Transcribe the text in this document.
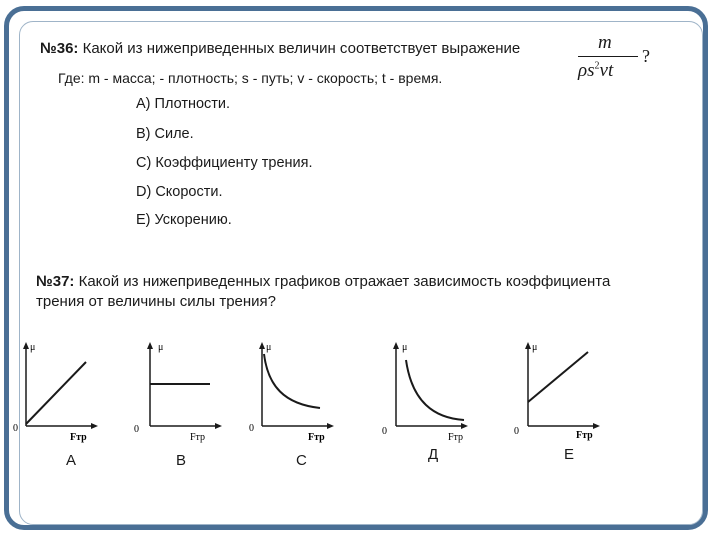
№36: Какой из нижеприведенных величин соответствует выражение	m
$\rho s^2vt$
?
Где: m - масса; - плотность; s - путь; v - скорость; t - время.
A) Плотности.
B) Силе.
C) Коэффициенту трения.
D) Скорости.
E) Ускорению.
№37: Какой из нижеприведенных графиков отражает зависимость коэффициента
трения от величины силы трения?
μ
0
Fтр
μ
0
Fтр
μ
0
Fтр
μ
0
Fтр
μ
0	Fтр
A	B	C	Д	E
